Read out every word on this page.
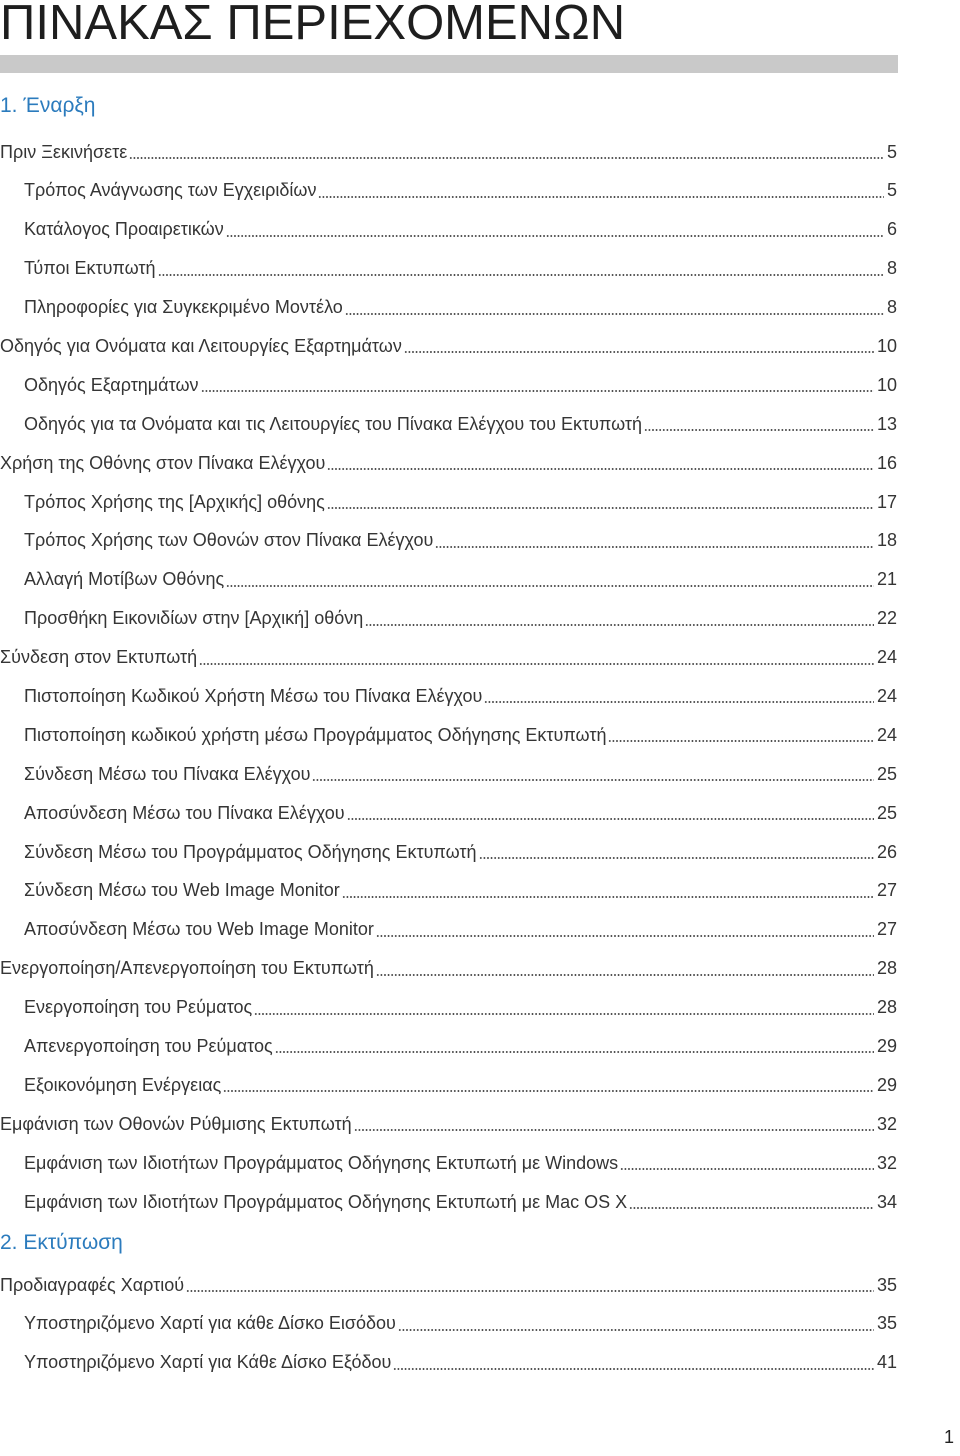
ΠΙΝΑΚΑΣ ΠΕΡΙΕΧΟΜΕΝΩΝ
1. Έναρξη
Πριν Ξεκινήσετε	5
Τρόπος Ανάγνωσης των Εγχειριδίων	5
Κατάλογος Προαιρετικών	6
Τύποι Εκτυπωτή	8
Πληροφορίες για Συγκεκριμένο Μοντέλο	8
Οδηγός για Ονόματα και Λειτουργίες Εξαρτημάτων	10
Οδηγός Εξαρτημάτων	10
Οδηγός για τα Ονόματα και τις Λειτουργίες του Πίνακα Ελέγχου του Εκτυπωτή	13
Χρήση της Οθόνης στον Πίνακα Ελέγχου	16
Τρόπος Χρήσης της [Αρχικής] οθόνης	17
Τρόπος Χρήσης των Οθονών στον Πίνακα Ελέγχου	18
Αλλαγή Μοτίβων Οθόνης	21
Προσθήκη Εικονιδίων στην [Αρχική] οθόνη	22
Σύνδεση στον Εκτυπωτή	24
Πιστοποίηση Κωδικού Χρήστη Μέσω του Πίνακα Ελέγχου	24
Πιστοποίηση κωδικού χρήστη μέσω Προγράμματος Οδήγησης Εκτυπωτή	24
Σύνδεση Μέσω του Πίνακα Ελέγχου	25
Αποσύνδεση Μέσω του Πίνακα Ελέγχου	25
Σύνδεση Μέσω του Προγράμματος Οδήγησης Εκτυπωτή	26
Σύνδεση Μέσω του Web Image Monitor	27
Αποσύνδεση Μέσω του Web Image Monitor	27
Ενεργοποίηση/Απενεργοποίηση του Εκτυπωτή	28
Ενεργοποίηση του Ρεύματος	28
Απενεργοποίηση του Ρεύματος	29
Εξοικονόμηση Ενέργειας	29
Εμφάνιση των Οθονών Ρύθμισης Εκτυπωτή	32
Εμφάνιση των Ιδιοτήτων Προγράμματος Οδήγησης Εκτυπωτή με Windows	32
Εμφάνιση των Ιδιοτήτων Προγράμματος Οδήγησης Εκτυπωτή με Mac OS X	34
2. Εκτύπωση
Προδιαγραφές Χαρτιού	35
Υποστηριζόμενο Χαρτί για κάθε Δίσκο Εισόδου	35
Υποστηριζόμενο Χαρτί για Κάθε Δίσκο Εξόδου	41
1
